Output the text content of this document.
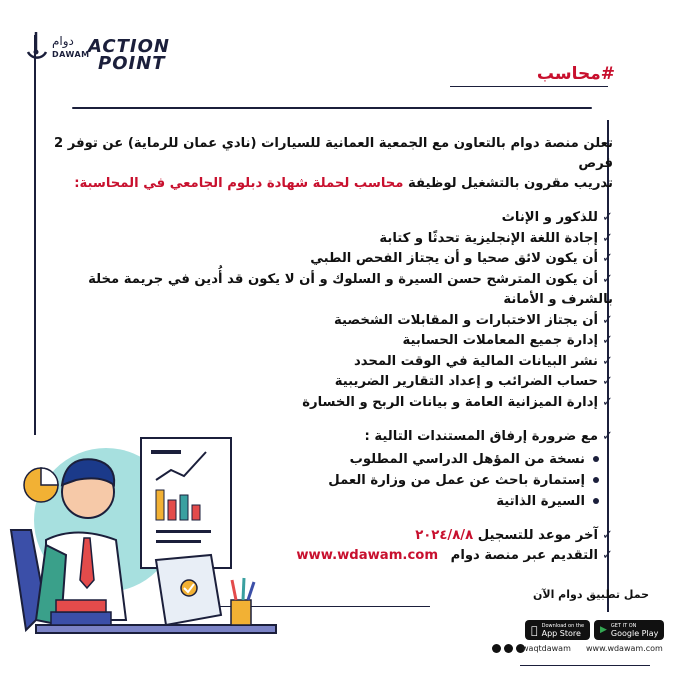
دوام
DAWAM
ACTION
POINT	#محاسب

تعلن منصة دوام بالتعاون مع الجمعية العمانية للسيارات (نادي عمان للرماية) عن توفر 2 فرص

تدريب مقرون بالتشغيل لوظيفة محاسب لحملة شهادة دبلوم الجامعي في المحاسبة:

✓للذكور و الإناث

✓إجادة اللغة الإنجليزية تحدثًا و كتابة

✓أن يكون لائق صحيا و أن يجتاز الفحص الطبي

✓أن يكون المترشح حسن السيرة و السلوك و أن لا يكون قد أُدين في جريمة مخلة بالشرف و الأمانة

✓أن يجتاز الاختبارات و المقابلات الشخصية

✓إدارة جميع المعاملات الحسابية

✓نشر البيانات المالية في الوقت المحدد

✓حساب الضرائب و إعداد التقارير الضريبية

✓إدارة الميزانية العامة و بيانات الربح و الخسارة

✓مع ضرورة إرفاق المستندات التالية :

نسخة من المؤهل الدراسي المطلوب
إستمارة باحث عن عمل من وزارة العمل
السيرة الذاتية

✓آخر موعد للتسجيل ٢٠٢٤/٨/٨

✓التقديم عبر منصة دوام www.wdawam.com

حمل تطبيق دوام الآن
Download on the
App Store	▶ GET IT ON
Google Play
waqtdawam www.wdawam.com
